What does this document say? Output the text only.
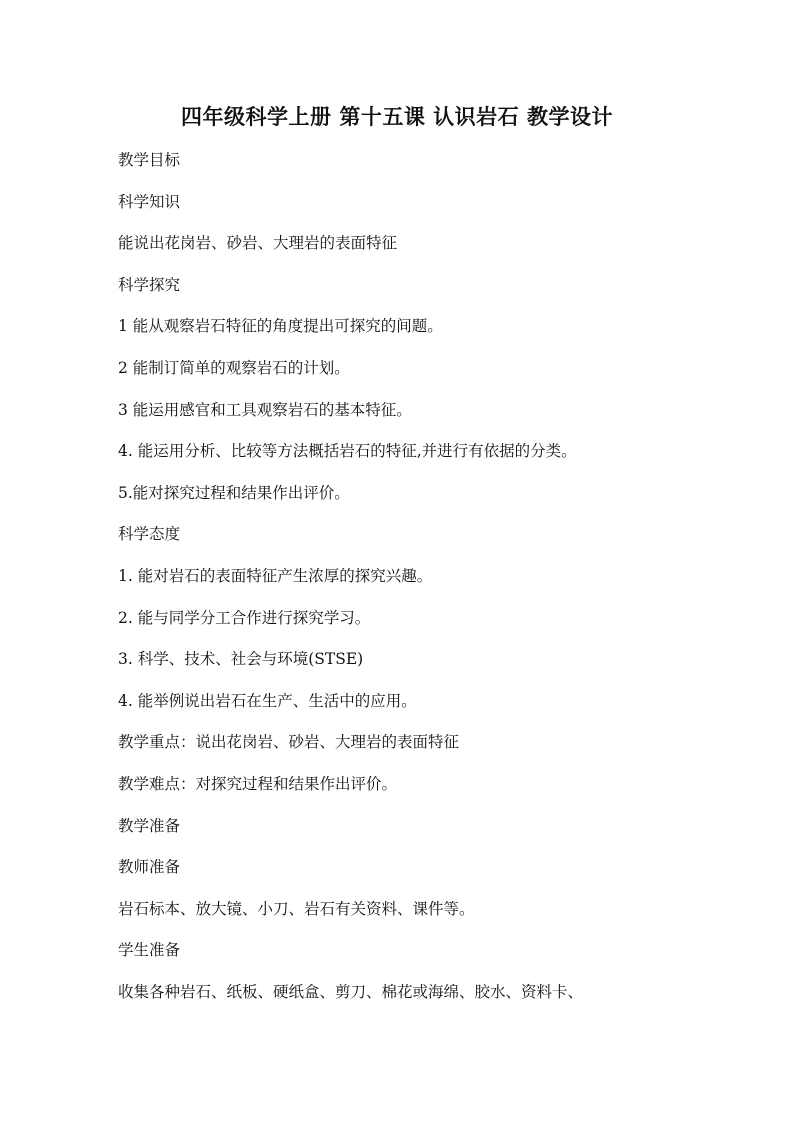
四年级科学上册 第十五课 认识岩石 教学设计
教学目标
科学知识
能说出花岗岩、砂岩、大理岩的表面特征
科学探究
1 能从观察岩石特征的角度提出可探究的间题。
2 能制订简单的观察岩石的计划。
3 能运用感官和工具观察岩石的基本特征。
4. 能运用分析、比较等方法概括岩石的特征,并进行有依据的分类。
5.能对探究过程和结果作出评价。
科学态度
1. 能对岩石的表面特征产生浓厚的探究兴趣。
2. 能与同学分工合作进行探究学习。
3. 科学、技术、社会与环境(STSE)
4. 能举例说出岩石在生产、生活中的应用。
教学重点：说出花岗岩、砂岩、大理岩的表面特征
教学难点：对探究过程和结果作出评价。
教学准备
教师准备
岩石标本、放大镜、小刀、岩石有关资料、课件等。
学生准备
收集各种岩石、纸板、硬纸盒、剪刀、棉花或海绵、胶水、资料卡、
